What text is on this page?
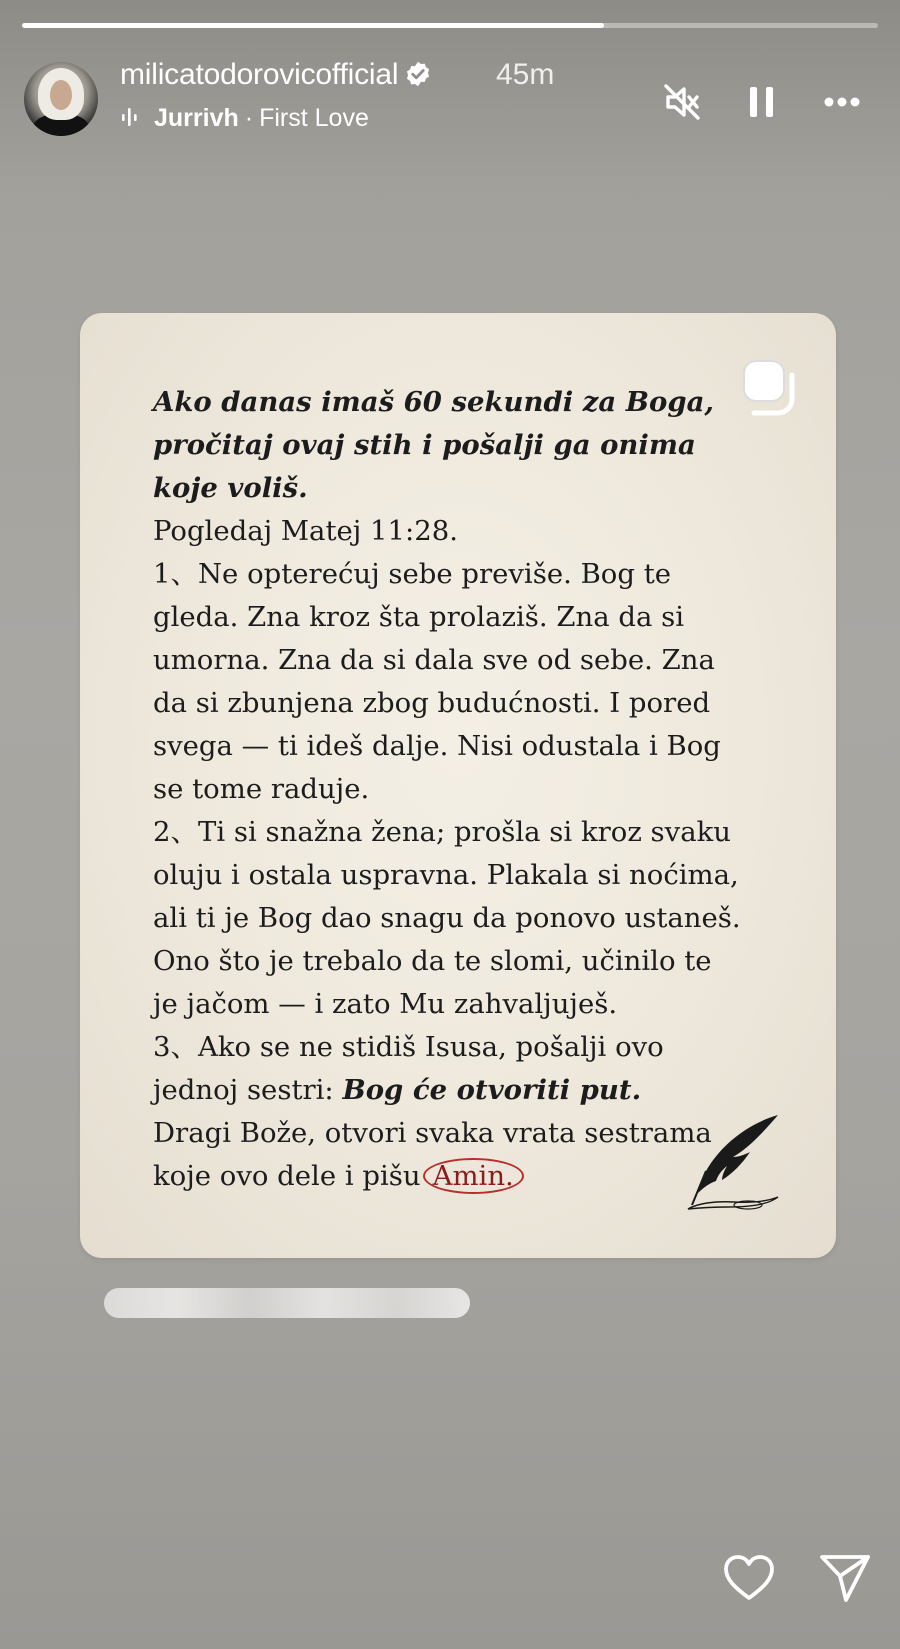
milicatodorovicofficial	45m
Jurrivh · First Love
Ako danas imaš 60 sekundi za Boga,
pročitaj ovaj stih i pošalji ga onima
koje voliš.
Pogledaj Matej 11:28.
1、Ne opterećuj sebe previše. Bog te
gleda. Zna kroz šta prolaziš. Zna da si
umorna. Zna da si dala sve od sebe. Zna
da si zbunjena zbog budućnosti. I pored
svega — ti ideš dalje. Nisi odustala i Bog
se tome raduje.
2、Ti si snažna žena; prošla si kroz svaku
oluju i ostala uspravna. Plakala si noćima,
ali ti je Bog dao snagu da ponovo ustaneš.
Ono što je trebalo da te slomi, učinilo te
je jačom — i zato Mu zahvaljuješ.
3、Ako se ne stidiš Isusa, pošalji ovo
jednoj sestri: Bog će otvoriti put.
Dragi Bože, otvori svaka vrata sestrama
koje ovo dele i pišu Amin.
